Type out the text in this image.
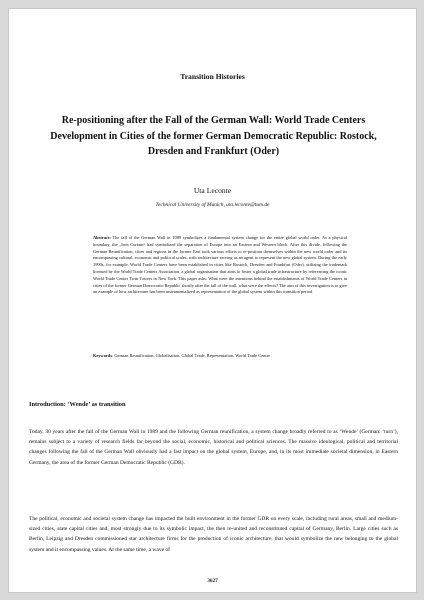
Transition Histories
Re-positioning after the Fall of the German Wall: World Trade Centers Development in Cities of the former German Democratic Republic: Rostock, Dresden and Frankfurt (Oder)
Uta Leconte
Technical University of Munich, uta.leconte@tum.de
Abstract: The fall of the German Wall in 1989 symbolizes a fundamental system change for the entire global world order. As a physical boundary, the „Iron Curtain“ had symbolized the separation of Europe into an Eastern and Western block. After this divide, following the German Reunification, cities and regions in the former East took various efforts to re-position themselves within the new world order and its encompassing cultural, economic and political scales, with architecture serving as an agent to represent the new global system. During the early 1990s, for example, World Trade Centers have been established in cities like Rostock, Dresden and Frankfurt (Oder), utilizing the trademark licensed by the World Trade Centers Association, a global organisation that aims to foster a global trade infrastructure by referencing the iconic World Trade Center Twin Towers in New York. This paper asks: What were the intentions behind the establishments of World Trade Centers in cities of the former German Democratic Republic shortly after the fall of the wall, what were the effects? The aim of this investigation is to give an example of how architecture has been instrumentalized as representation of the global system within this transition period.
Keywords: German Reunification, Globalisation, Global Trade, Representation, World Trade Center
Introduction: ‘Wende’ as transition
Today, 30 years after the fall of the German Wall in 1989 and the following German reunification, a system change broadly referred to as ‘Wende’ (German: ‘turn’), remains subject to a variety of research fields far beyond the social, economic, historical and political sciences. The massive ideological, political and territorial changes following the fall of the German Wall obviously had a fast impact on the global system, Europe, and, in its most immediate societal dimension, in Eastern Germany, the area of the former German Democratic Republic (GDR).
The political, economic and societal system change has impacted the built environment in the former GDR on every scale, including rural areas, small and medium-sized cities, state capital cities and, most strongly due to its symbolic impact, the then re-united and reconstituted capital of Germany, Berlin. Large cities such as Berlin, Leipzig and Dresden commissioned star architecture firms for the production of iconic architecture, that would symbolize the new belonging to the global system and it encompassing values. At the same time, a wave of
3627
